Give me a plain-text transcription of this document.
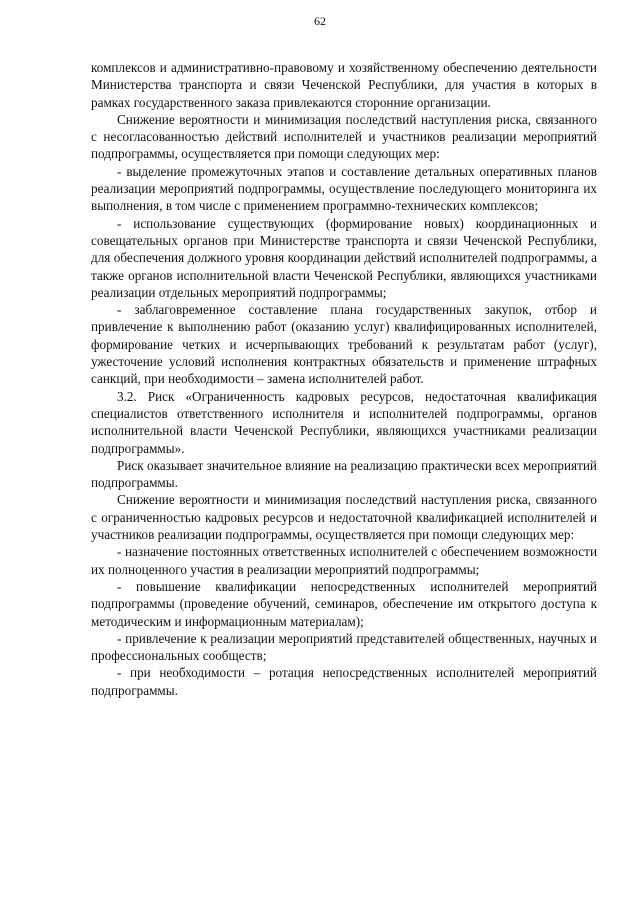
62

комплексов и административно-правовому и хозяйственному обеспечению деятельности Министерства транспорта и связи Чеченской Республики, для участия в которых в рамках государственного заказа привлекаются сторонние организации.

Снижение вероятности и минимизация последствий наступления риска, связанного с несогласованностью действий исполнителей и участников реализации мероприятий подпрограммы, осуществляется при помощи следующих мер:

- выделение промежуточных этапов и составление детальных оперативных планов реализации мероприятий подпрограммы, осуществление последующего мониторинга их выполнения, в том числе с применением программно-технических комплексов;

- использование существующих (формирование новых) координационных и совещательных органов при Министерстве транспорта и связи Чеченской Республики, для обеспечения должного уровня координации действий исполнителей подпрограммы, а также органов исполнительной власти Чеченской Республики, являющихся участниками реализации отдельных мероприятий подпрограммы;

- заблаговременное составление плана государственных закупок, отбор и привлечение к выполнению работ (оказанию услуг) квалифицированных исполнителей, формирование четких и исчерпывающих требований к результатам работ (услуг), ужесточение условий исполнения контрактных обязательств и применение штрафных санкций, при необходимости – замена исполнителей работ.

3.2. Риск «Ограниченность кадровых ресурсов, недостаточная квалификация специалистов ответственного исполнителя и исполнителей подпрограммы, органов исполнительной власти Чеченской Республики, являющихся участниками реализации подпрограммы».

Риск оказывает значительное влияние на реализацию практически всех мероприятий подпрограммы.

Снижение вероятности и минимизация последствий наступления риска, связанного с ограниченностью кадровых ресурсов и недостаточной квалификацией исполнителей и участников реализации подпрограммы, осуществляется при помощи следующих мер:

- назначение постоянных ответственных исполнителей с обеспечением возможности их полноценного участия в реализации мероприятий подпрограммы;

- повышение квалификации непосредственных исполнителей мероприятий подпрограммы (проведение обучений, семинаров, обеспечение им открытого доступа к методическим и информационным материалам);

- привлечение к реализации мероприятий представителей общественных, научных и профессиональных сообществ;

- при необходимости – ротация непосредственных исполнителей мероприятий подпрограммы.
